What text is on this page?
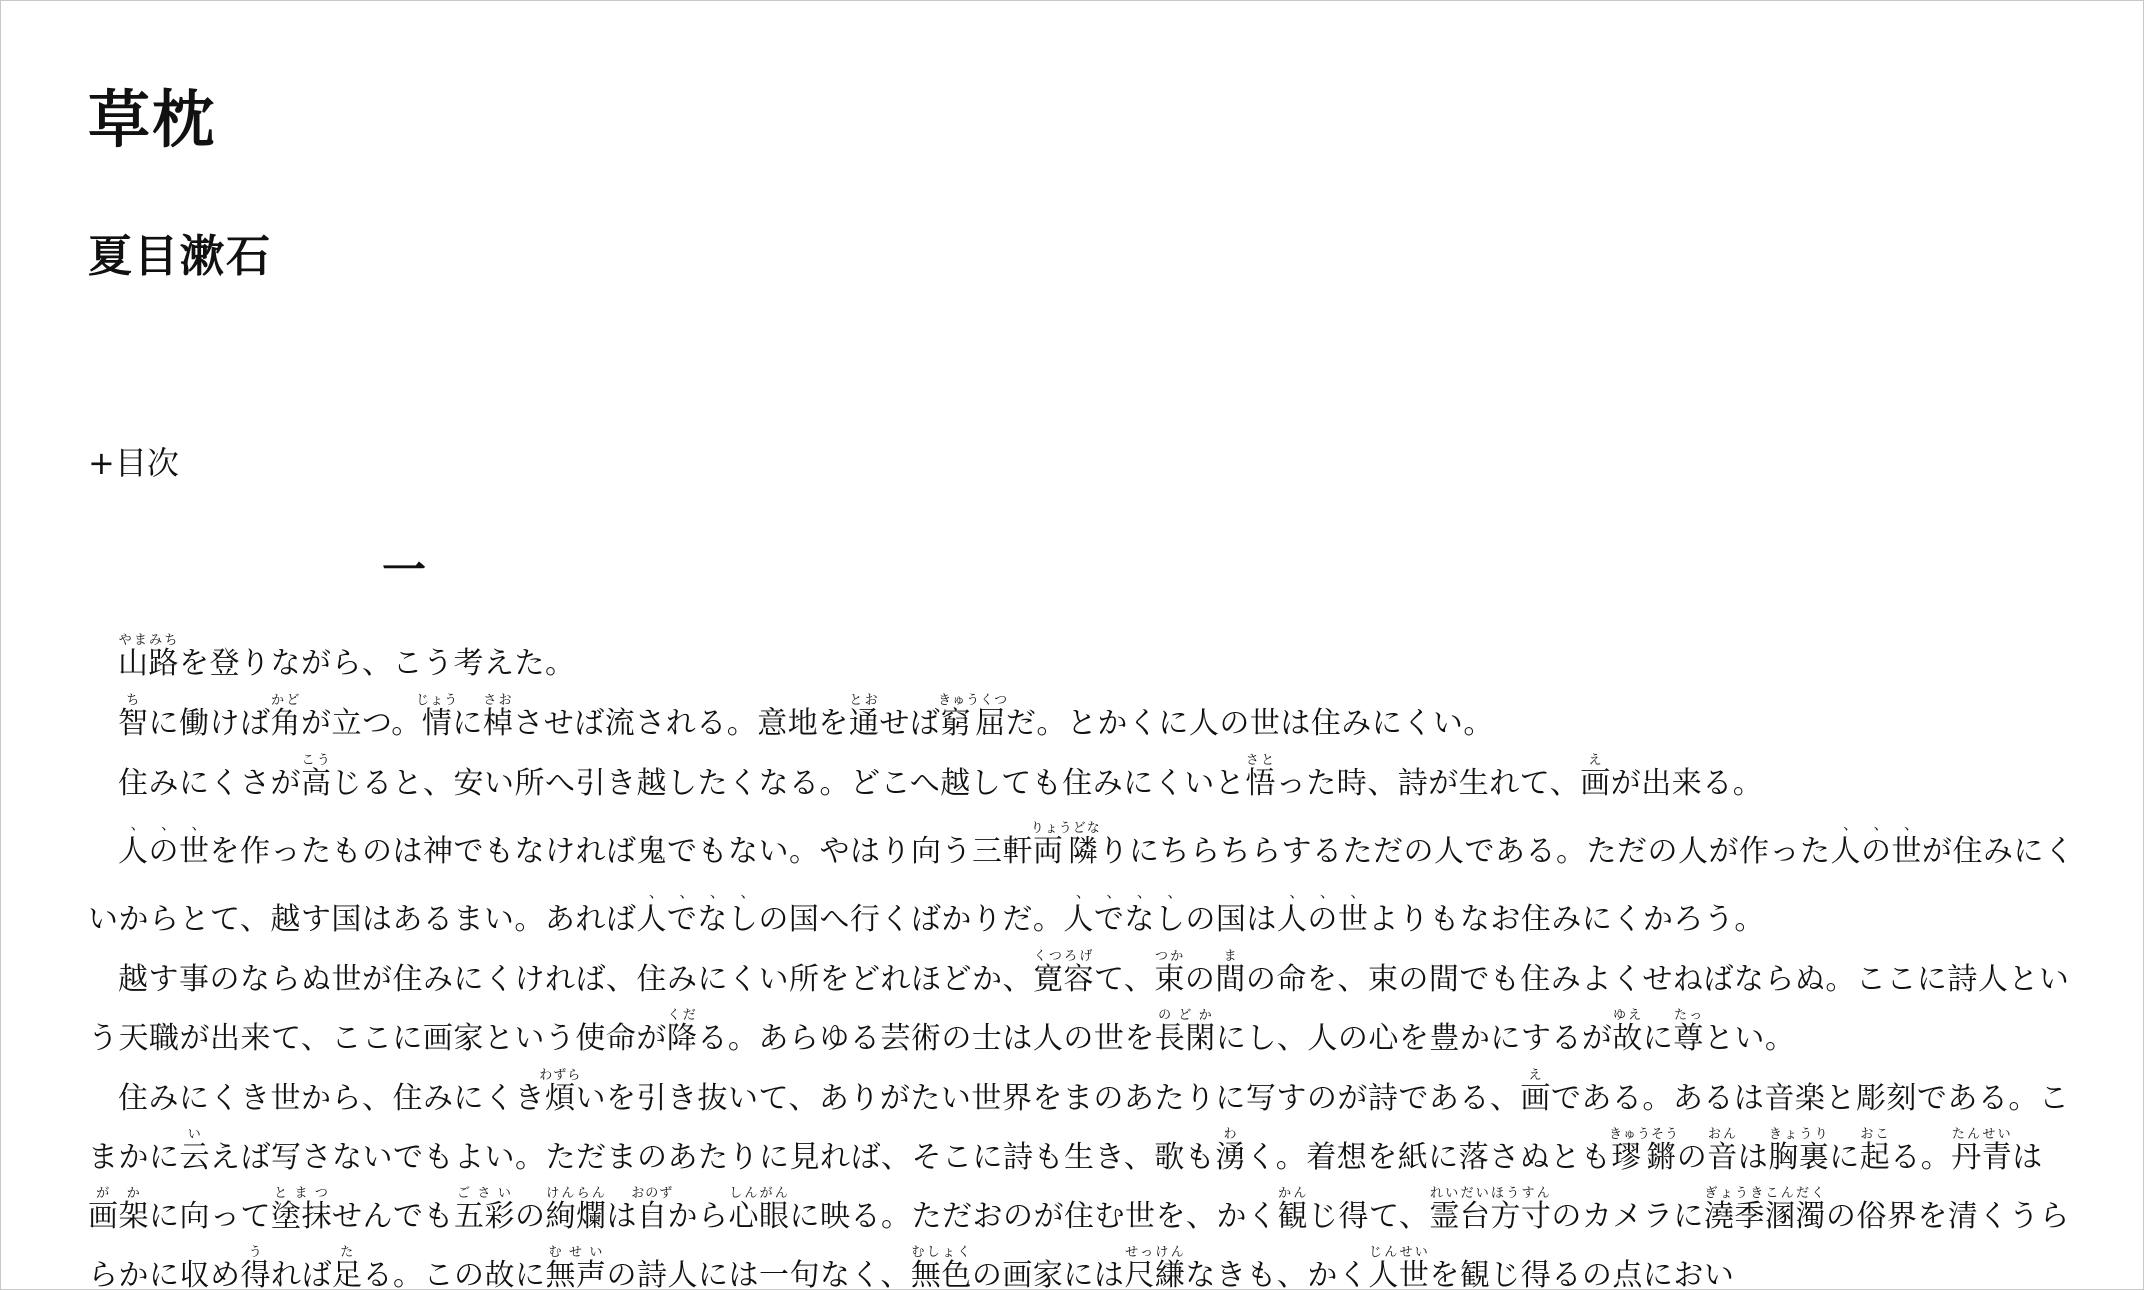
草枕
夏目漱石
+目次
一

山路やまみちを登りながら、こう考えた。

智ちに働けば角かどが立つ。情じょうに棹さおさせば流される。意地を通とおせば窮屈きゅうくつだ。とかくに人の世は住みにくい。

住みにくさが高こうじると、安い所へ引き越したくなる。どこへ越しても住みにくいと悟さとった時、詩が生れて、画えが出来る。

人の世を作ったものは神でもなければ鬼でもない。やはり向う三軒両隣りょうどなりにちらちらするただの人である。ただの人が作った人の世が住みにくいからとて、越す国はあるまい。あれば人でなしの国へ行くばかりだ。人でなしの国は人の世よりもなお住みにくかろう。

越す事のならぬ世が住みにくければ、住みにくい所をどれほどか、寛容くつろげて、束つかの間まの命を、束の間でも住みよくせねばならぬ。ここに詩人という天職が出来て、ここに画家という使命が降くだる。あらゆる芸術の士は人の世を長閑のどかにし、人の心を豊かにするが故ゆえに尊たっとい。

住みにくき世から、住みにくき煩わずらいを引き抜いて、ありがたい世界をまのあたりに写すのが詩である、画えである。あるは音楽と彫刻である。こまかに云いえば写さないでもよい。ただまのあたりに見れば、そこに詩も生き、歌も湧わく。着想を紙に落さぬとも璆鏘きゅうそうの音おんは胸裏きょうりに起おこる。丹青たんせいは画架がかに向って塗抹とまつせんでも五彩ごさいの絢爛けんらんは自おのずから心眼しんがんに映る。ただおのが住む世を、かく観かんじ得て、霊台方寸れいだいほうすんのカメラに澆季溷濁ぎょうきこんだくの俗界を清くうららかに収め得うれば足たる。この故に無声むせいの詩人には一句なく、無色むしょくの画家には尺縑せっけんなきも、かく人世じんせいを観じ得るの点におい
